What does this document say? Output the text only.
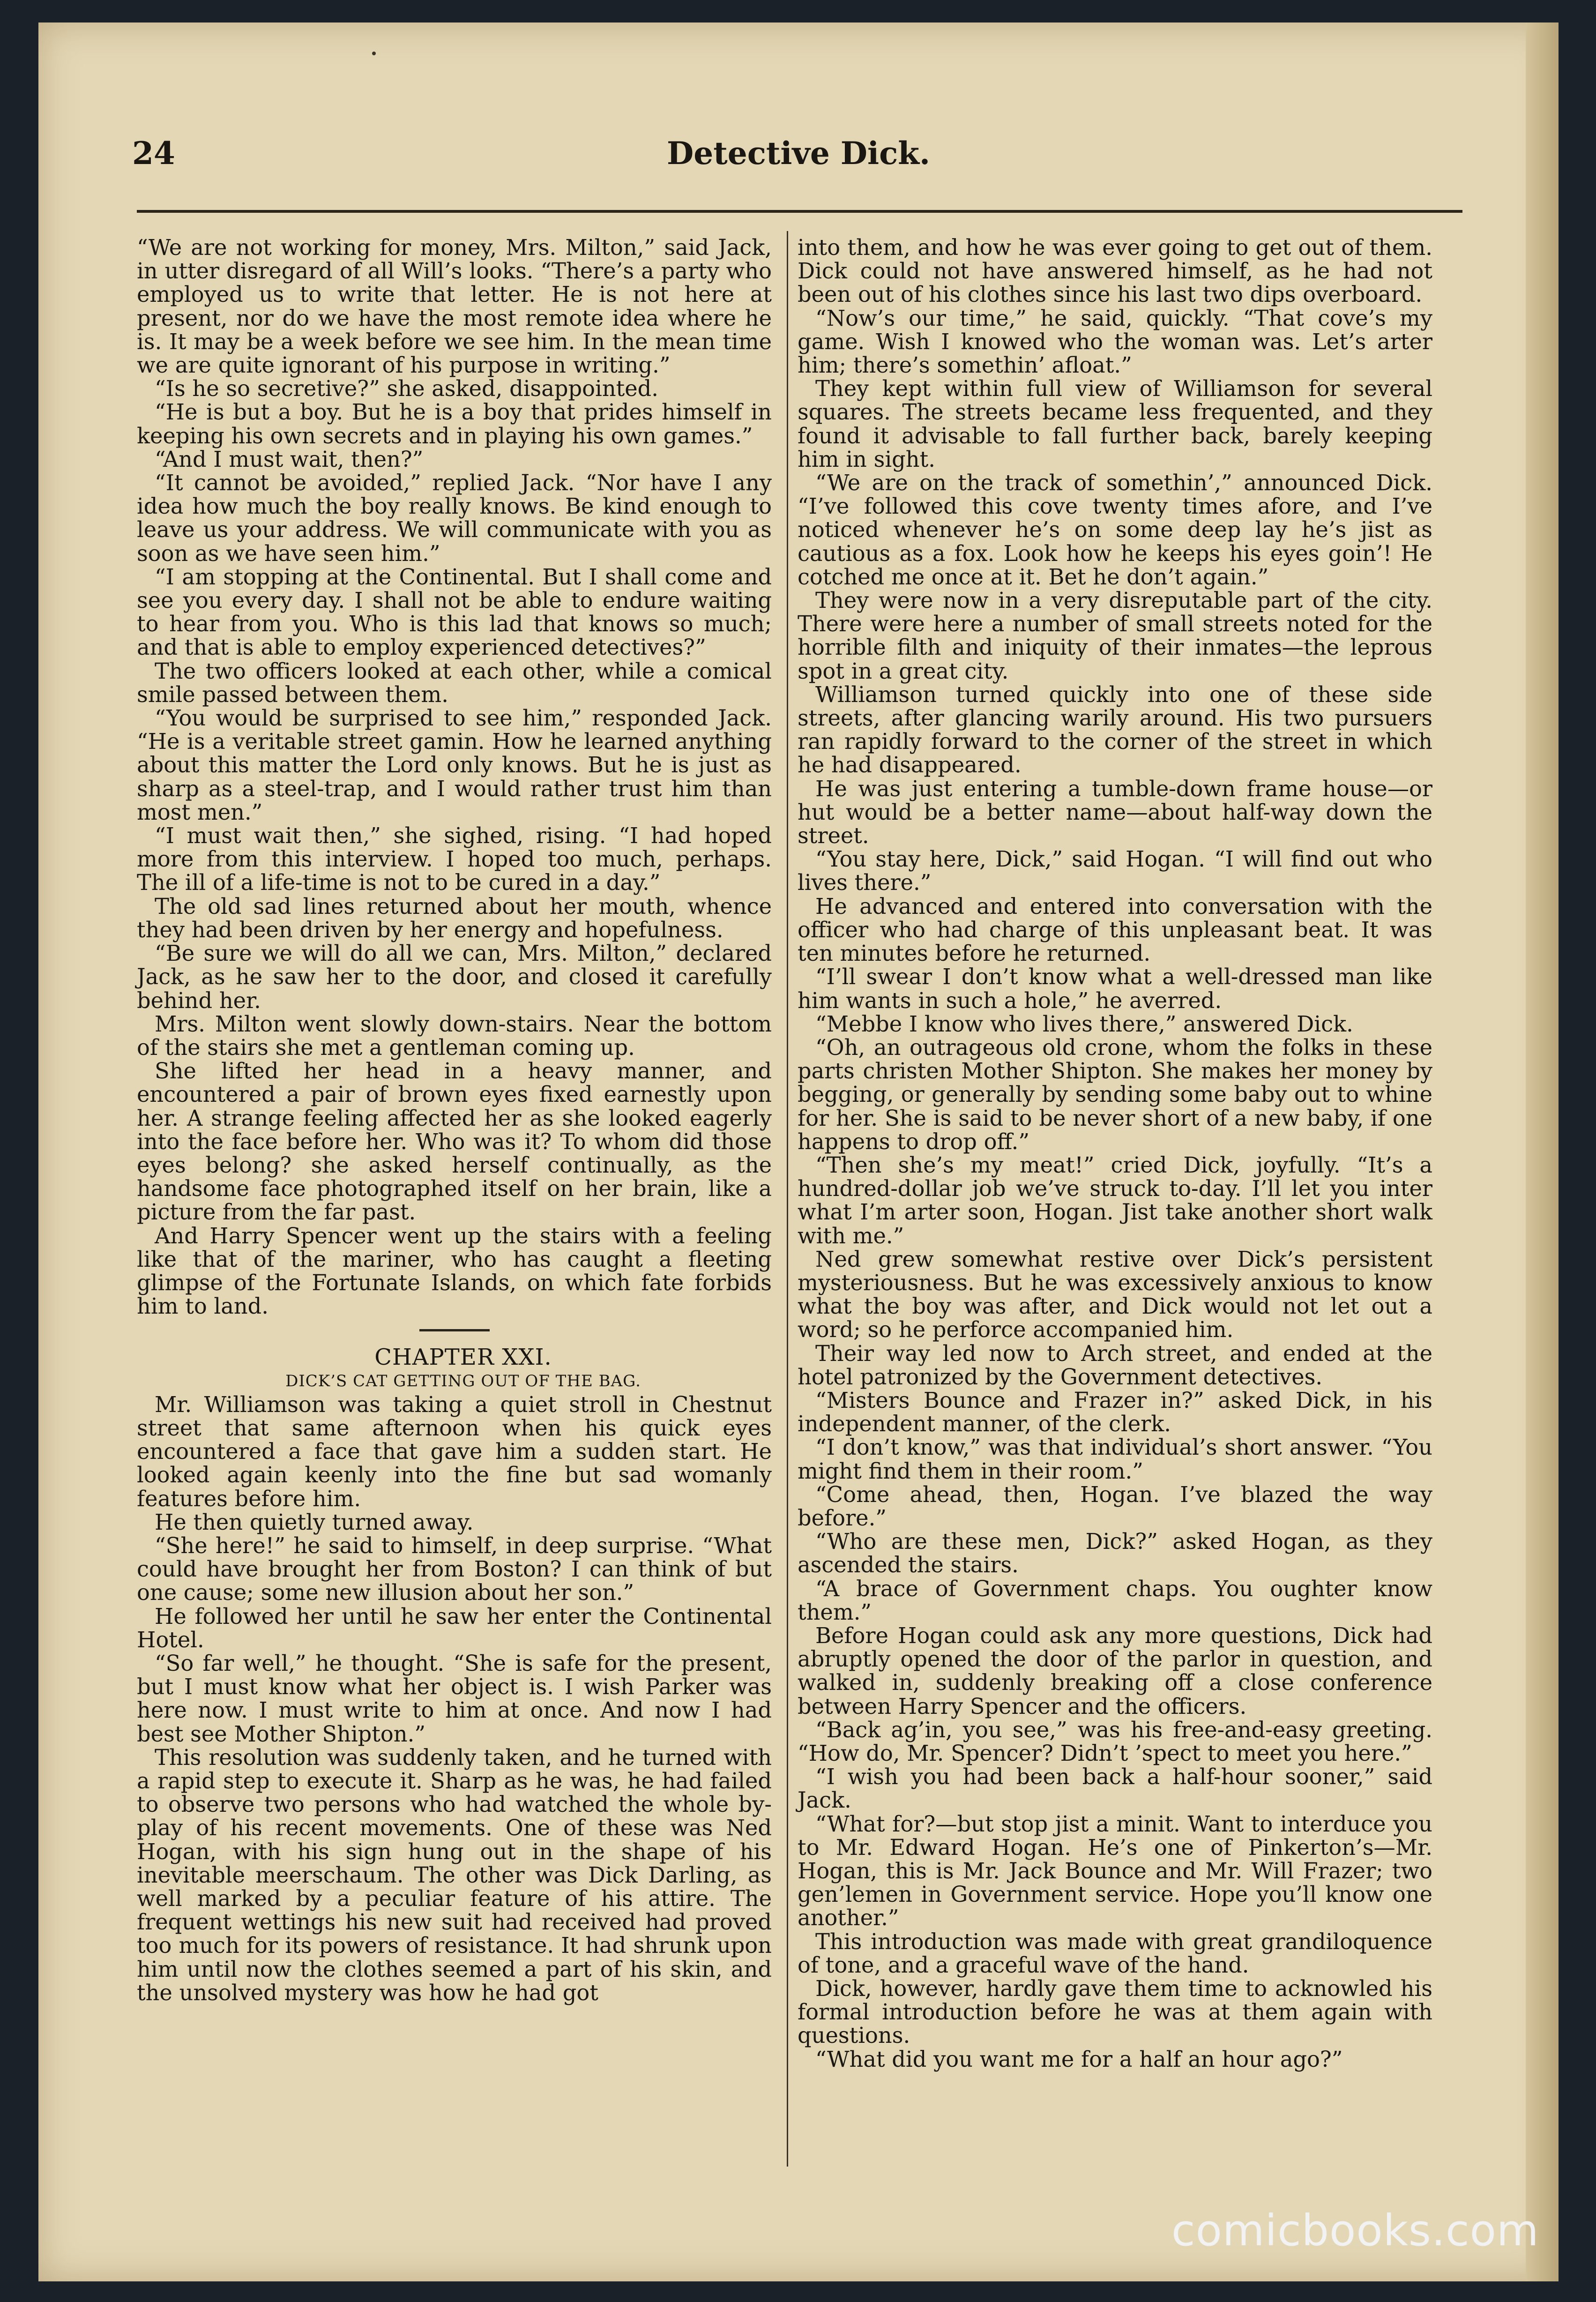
24	Detective Dick.

“We are not working for money, Mrs. Milton,” said Jack, in utter disregard of all Will’s looks. “There’s a party who employed us to write that letter. He is not here at present, nor do we have the most remote idea where he is. It may be a week before we see him. In the mean time we are quite ignorant of his purpose in writing.”

“Is he so secretive?” she asked, disappointed.

“He is but a boy. But he is a boy that prides himself in keeping his own secrets and in playing his own games.”

“And I must wait, then?”

“It cannot be avoided,” replied Jack. “Nor have I any idea how much the boy really knows. Be kind enough to leave us your address. We will communicate with you as soon as we have seen him.”

“I am stopping at the Continental. But I shall come and see you every day. I shall not be able to endure waiting to hear from you. Who is this lad that knows so much; and that is able to employ experienced detectives?”

The two officers looked at each other, while a comical smile passed between them.

“You would be surprised to see him,” responded Jack. “He is a veritable street gamin. How he learned anything about this matter the Lord only knows. But he is just as sharp as a steel-trap, and I would rather trust him than most men.”

“I must wait then,” she sighed, rising. “I had hoped more from this interview. I hoped too much, perhaps. The ill of a life-time is not to be cured in a day.”

The old sad lines returned about her mouth, whence they had been driven by her energy and hopefulness.

“Be sure we will do all we can, Mrs. Milton,” declared Jack, as he saw her to the door, and closed it carefully behind her.

Mrs. Milton went slowly down-stairs. Near the bottom of the stairs she met a gentleman coming up.

She lifted her head in a heavy manner, and encountered a pair of brown eyes fixed earnestly upon her. A strange feeling affected her as she looked eagerly into the face before her. Who was it? To whom did those eyes belong? she asked herself continually, as the handsome face photographed itself on her brain, like a picture from the far past.

And Harry Spencer went up the stairs with a feeling like that of the mariner, who has caught a fleeting glimpse of the Fortunate Islands, on which fate forbids him to land.

CHAPTER XXI.

DICK’S CAT GETTING OUT OF THE BAG.

Mr. Williamson was taking a quiet stroll in Chestnut street that same afternoon when his quick eyes encountered a face that gave him a sudden start. He looked again keenly into the fine but sad womanly features before him.

He then quietly turned away.

“She here!” he said to himself, in deep surprise. “What could have brought her from Boston? I can think of but one cause; some new illusion about her son.”

He followed her until he saw her enter the Continental Hotel.

“So far well,” he thought. “She is safe for the present, but I must know what her object is. I wish Parker was here now. I must write to him at once. And now I had best see Mother Shipton.”

This resolution was suddenly taken, and he turned with a rapid step to execute it. Sharp as he was, he had failed to observe two persons who had watched the whole by-play of his recent movements. One of these was Ned Hogan, with his sign hung out in the shape of his inevitable meerschaum. The other was Dick Darling, as well marked by a peculiar feature of his attire. The frequent wettings his new suit had received had proved too much for its powers of resistance. It had shrunk upon him until now the clothes seemed a part of his skin, and the unsolved mystery was how he had got

into them, and how he was ever going to get out of them. Dick could not have answered himself, as he had not been out of his clothes since his last two dips overboard.

“Now’s our time,” he said, quickly. “That cove’s my game. Wish I knowed who the woman was. Let’s arter him; there’s somethin’ afloat.”

They kept within full view of Williamson for several squares. The streets became less frequented, and they found it advisable to fall further back, barely keeping him in sight.

“We are on the track of somethin’,” announced Dick. “I’ve followed this cove twenty times afore, and I’ve noticed whenever he’s on some deep lay he’s jist as cautious as a fox. Look how he keeps his eyes goin’! He cotched me once at it. Bet he don’t again.”

They were now in a very disreputable part of the city. There were here a number of small streets noted for the horrible filth and iniquity of their inmates—the leprous spot in a great city.

Williamson turned quickly into one of these side streets, after glancing warily around. His two pursuers ran rapidly forward to the corner of the street in which he had disappeared.

He was just entering a tumble-down frame house—or hut would be a better name—about half-way down the street.

“You stay here, Dick,” said Hogan. “I will find out who lives there.”

He advanced and entered into conversation with the officer who had charge of this unpleasant beat. It was ten minutes before he returned.

“I’ll swear I don’t know what a well-dressed man like him wants in such a hole,” he averred.

“Mebbe I know who lives there,” answered Dick.

“Oh, an outrageous old crone, whom the folks in these parts christen Mother Shipton. She makes her money by begging, or generally by sending some baby out to whine for her. She is said to be never short of a new baby, if one happens to drop off.”

“Then she’s my meat!” cried Dick, joyfully. “It’s a hundred-dollar job we’ve struck to-day. I’ll let you inter what I’m arter soon, Hogan. Jist take another short walk with me.”

Ned grew somewhat restive over Dick’s persistent mysteriousness. But he was excessively anxious to know what the boy was after, and Dick would not let out a word; so he perforce accompanied him.

Their way led now to Arch street, and ended at the hotel patronized by the Government detectives.

“Misters Bounce and Frazer in?” asked Dick, in his independent manner, of the clerk.

“I don’t know,” was that individual’s short answer. “You might find them in their room.”

“Come ahead, then, Hogan. I’ve blazed the way before.”

“Who are these men, Dick?” asked Hogan, as they ascended the stairs.

“A brace of Government chaps. You oughter know them.”

Before Hogan could ask any more questions, Dick had abruptly opened the door of the parlor in question, and walked in, suddenly breaking off a close conference between Harry Spencer and the officers.

“Back ag’in, you see,” was his free-and-easy greeting. “How do, Mr. Spencer? Didn’t ’spect to meet you here.”

“I wish you had been back a half-hour sooner,” said Jack.

“What for?—but stop jist a minit. Want to interduce you to Mr. Edward Hogan. He’s one of Pinkerton’s—Mr. Hogan, this is Mr. Jack Bounce and Mr. Will Frazer; two gen’lemen in Government service. Hope you’ll know one another.”

This introduction was made with great grandiloquence of tone, and a graceful wave of the hand.

Dick, however, hardly gave them time to acknowled his formal introduction before he was at them again with questions.

“What did you want me for a half an hour ago?”

comicbooks.com
